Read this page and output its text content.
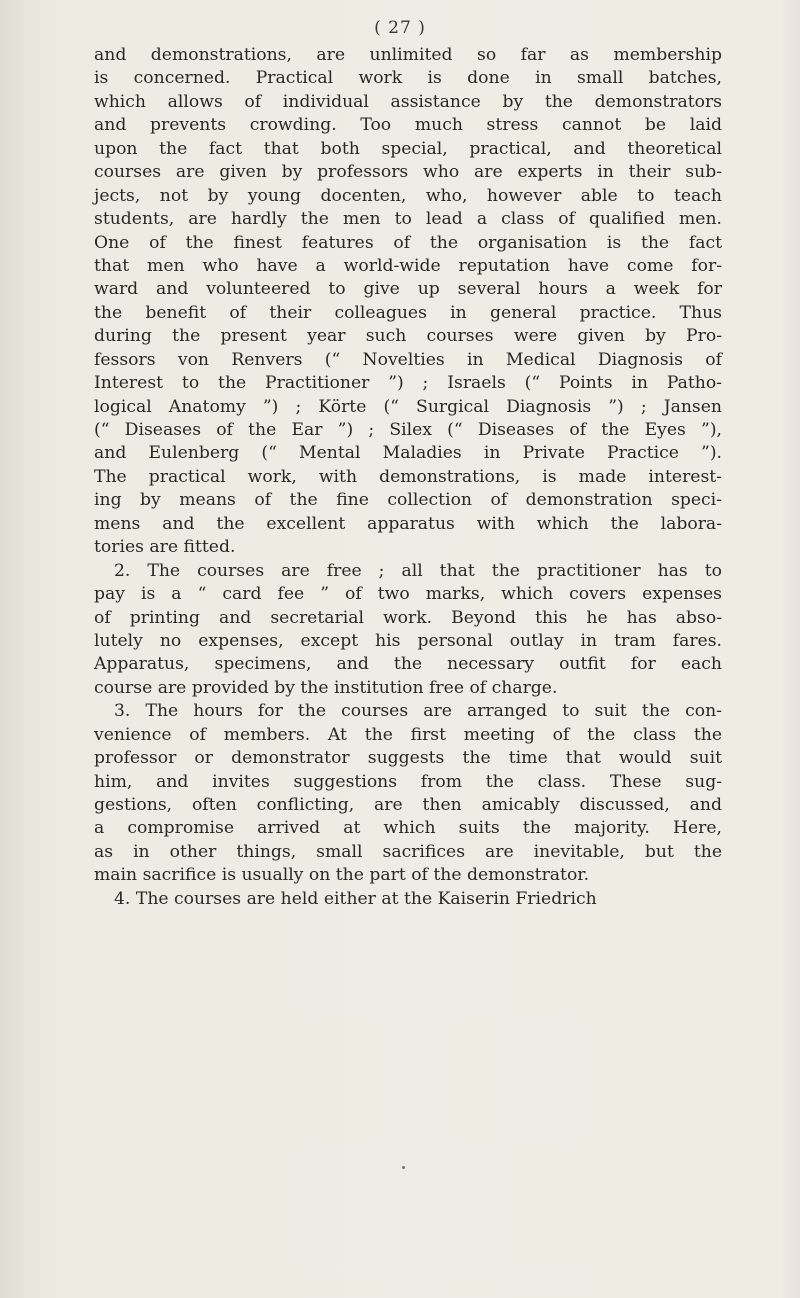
( 27 )
and demonstrations, are unlimited so far as membership
is concerned. Practical work is done in small batches,
which allows of individual assistance by the demonstrators
and prevents crowding. Too much stress cannot be laid
upon the fact that both special, practical, and theoretical
courses are given by professors who are experts in their sub-
jects, not by young docenten, who, however able to teach
students, are hardly the men to lead a class of qualified men.
One of the finest features of the organisation is the fact
that men who have a world-wide reputation have come for-
ward and volunteered to give up several hours a week for
the benefit of their colleagues in general practice. Thus
during the present year such courses were given by Pro-
fessors von Renvers (“ Novelties in Medical Diagnosis of
Interest to the Practitioner ”) ; Israels (“ Points in Patho-
logical Anatomy ”) ; Körte (“ Surgical Diagnosis ”) ; Jansen
(“ Diseases of the Ear ”) ; Silex (“ Diseases of the Eyes ”),
and Eulenberg (“ Mental Maladies in Private Practice ”).
The practical work, with demonstrations, is made interest-
ing by means of the fine collection of demonstration speci-
mens and the excellent apparatus with which the labora-
tories are fitted.
2. The courses are free ; all that the practitioner has to
pay is a “ card fee ” of two marks, which covers expenses
of printing and secretarial work. Beyond this he has abso-
lutely no expenses, except his personal outlay in tram fares.
Apparatus, specimens, and the necessary outfit for each
course are provided by the institution free of charge.
3. The hours for the courses are arranged to suit the con-
venience of members. At the first meeting of the class the
professor or demonstrator suggests the time that would suit
him, and invites suggestions from the class. These sug-
gestions, often conflicting, are then amicably discussed, and
a compromise arrived at which suits the majority. Here,
as in other things, small sacrifices are inevitable, but the
main sacrifice is usually on the part of the demonstrator.
4. The courses are held either at the Kaiserin Friedrich
